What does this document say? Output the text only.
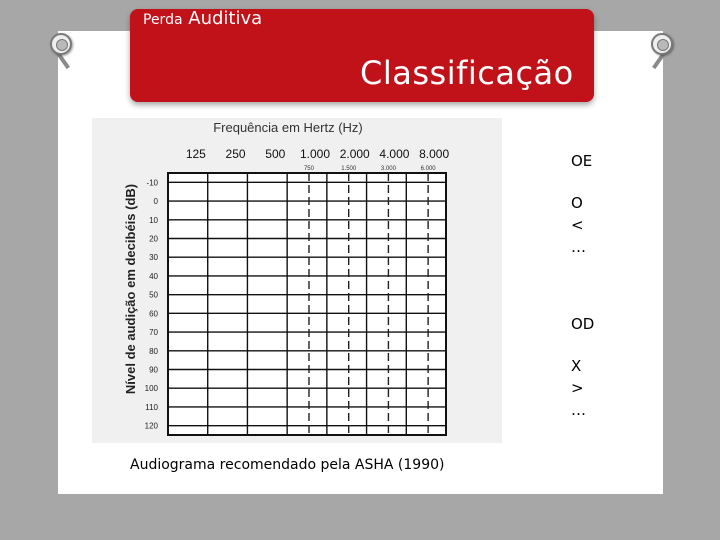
Perda Auditiva
Classificação
Frequência em Hertz (Hz)
Nível de audição em decibéis (dB)
-10
0
10
20
30
40
50
60
70
80
90
100
110
120
125 250 500 1.000 2.000 4.000 8.000
750	1.500	3.000	6.000
Audiograma recomendado pela ASHA (1990)
OE
O
<
…
OD
X
>
…
